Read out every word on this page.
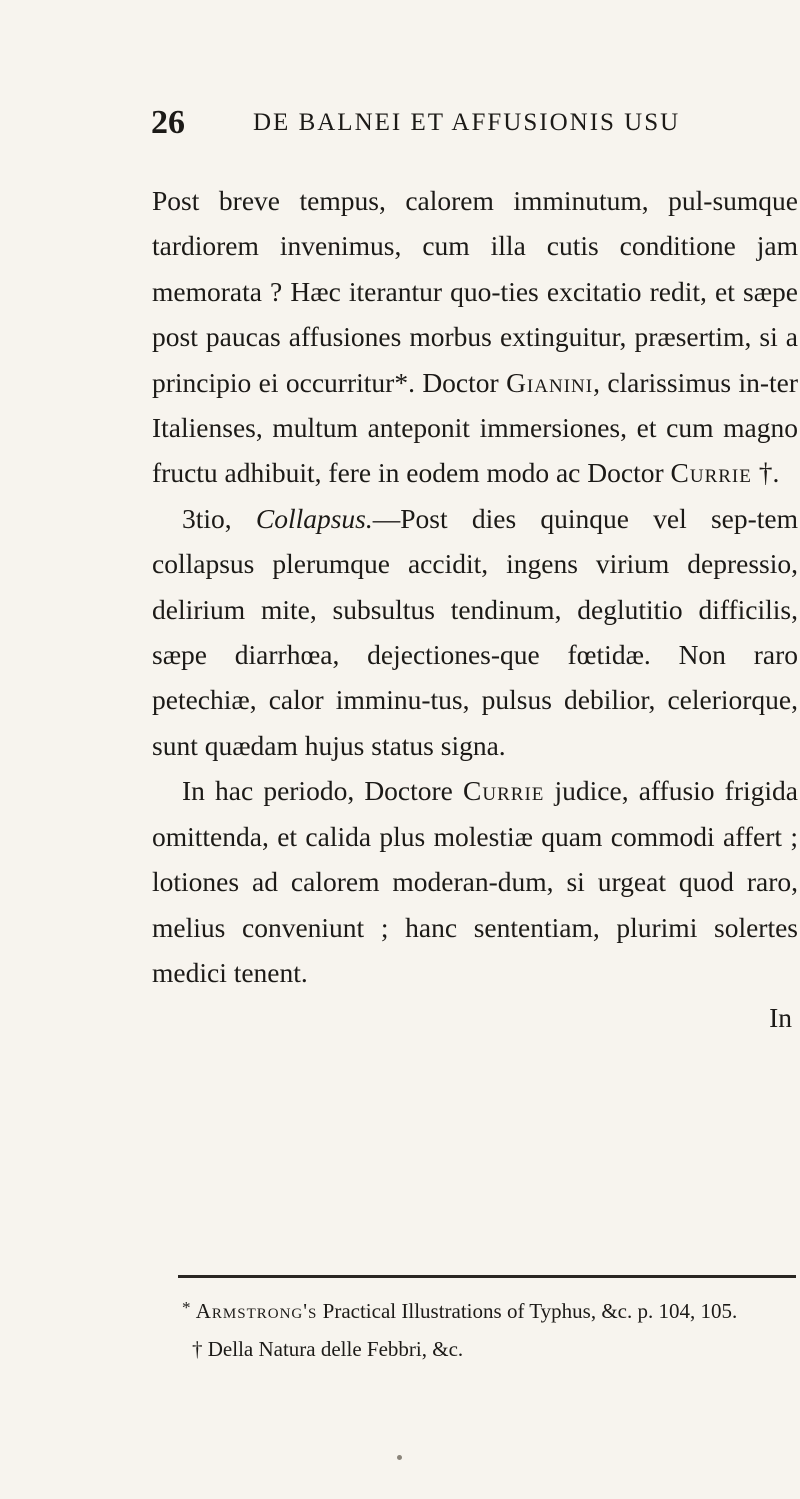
26	DE BALNEI ET AFFUSIONIS USU

Post breve tempus, calorem imminutum, pul-sumque tardiorem invenimus, cum illa cutis conditione jam memorata ? Hæc iterantur quo-ties excitatio redit, et sæpe post paucas affusiones morbus extinguitur, præsertim, si a principio ei occurritur*. Doctor Gianini, clarissimus in-ter Italienses, multum anteponit immersiones, et cum magno fructu adhibuit, fere in eodem modo ac Doctor Currie †.

3tio, Collapsus.—Post dies quinque vel sep-tem collapsus plerumque accidit, ingens virium depressio, delirium mite, subsultus tendinum, deglutitio difficilis, sæpe diarrhœa, dejectiones-que fœtidæ. Non raro petechiæ, calor imminu-tus, pulsus debilior, celeriorque, sunt quædam hujus status signa.

In hac periodo, Doctore Currie judice, affusio frigida omittenda, et calida plus molestiæ quam commodi affert ; lotiones ad calorem moderan-dum, si urgeat quod raro, melius conveniunt ; hanc sententiam, plurimi solertes medici tenent.

In

* Armstrong's Practical Illustrations of Typhus, &c. p. 104, 105.

† Della Natura delle Febbri, &c.
